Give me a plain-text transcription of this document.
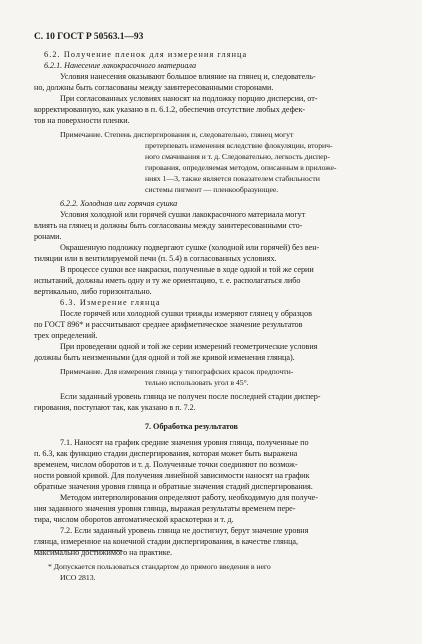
С. 10 ГОСТ Р 50563.1—93
6.2. Получение пленок для измерения глянца
6.2.1. Нанесение лакокрасочного материала
Условия нанесения оказывают большое влияние на глянец и, следователь-
но, должны быть согласованы между заинтересованными сторонами.
При согласованных условиях наносят на подложку порцию дисперсии, от-
корректированную, как указано в п. 6.1.2, обеспечив отсутствие любых дефек-
тов на поверхности пленки.
Примечание. Степень диспергирования и, следовательно, глянец могут
претерпевать изменения вследствие флокуляции, вторич-
ного смачивания и т. д. Следовательно, легкость диспер-
гирования, определяемая методом, описанным в приложе-
ниях 1—3, также является показателем стабильности
системы пигмент — пленкообразующее.
6.2.2. Холодная или горячая сушка
Условия холодной или горячей сушки лакокрасочного материала могут
влиять на глянец и должны быть согласованы между заинтересованными сто-
ронами.
Окрашенную подложку подвергают сушке (холодной или горячей) без вен-
тиляции или в вентилируемой печи (п. 5.4) в согласованных условиях.
В процессе сушки все накраски, полученные в ходе одной и той же серии
испытаний, должны иметь одну и ту же ориентацию, т. е. располагаться либо
вертикально, либо горизонтально.
6.3. Измерение глянца
После горячей или холодной сушки трижды измеряют глянец у образцов
по ГОСТ 896* и рассчитывают среднее арифметическое значение результатов
трех определений.
При проведении одной и той же серии измерений геометрические условия
должны быть неизменными (для одной и той же кривой изменения глянца).
Примечание. Для измерения глянца у типографских красок предпочти-
тельно использовать угол в 45°.
Если заданный уровень глянца не получен после последней стадии диспер-
гирования, поступают так, как указано в п. 7.2.
7. Обработка результатов
7.1. Наносят на график средние значения уровня глянца, полученные по
п. 6.3, как функцию стадии диспергирования, которая может быть выражена
временем, числом оборотов и т. д. Полученные точки соединяют по возмож-
ности ровной кривой. Для получения линейной зависимости наносят на график
обратные значения уровня глянца и обратные значения стадий диспергирования.
Методом интерполирования определяют работу, необходимую для получе-
ния заданного значения уровня глянца, выражая результаты временем пере-
тира, числом оборотов автоматической краскотерки и т. д.
7.2. Если заданный уровень глянца не достигнут, берут значение уровня
глянца, измеренное на конечной стадии диспергирования, в качестве глянца,
максимально достижимого на практике.
* Допускается пользоваться стандартом до прямого введения в него
ИСО 2813.
